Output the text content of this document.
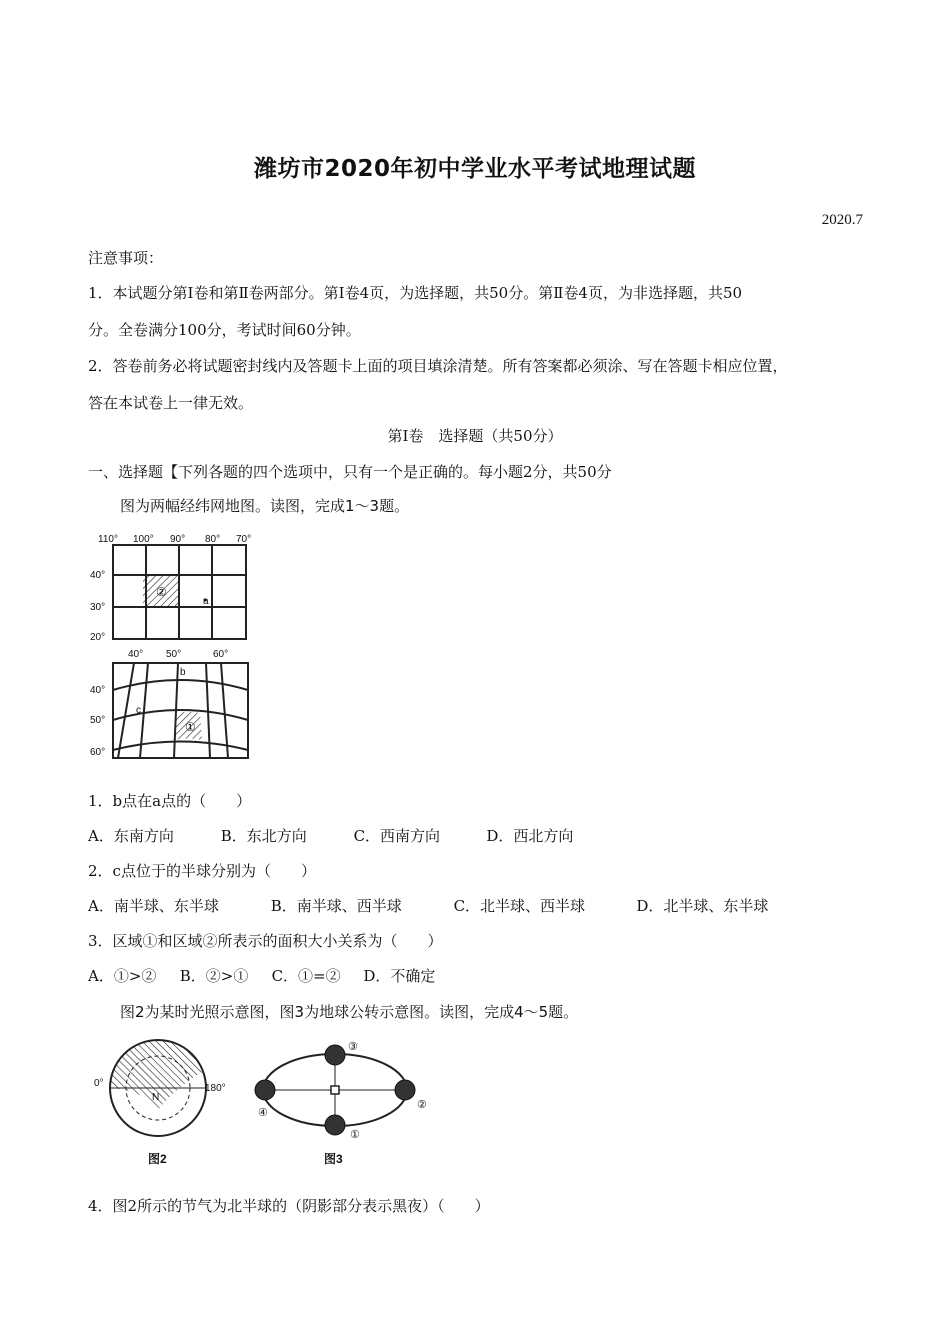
潍坊市2020年初中学业水平考试地理试题
2020.7
注意事项：
1．本试题分第Ⅰ卷和第Ⅱ卷两部分。第Ⅰ卷4页，为选择题，共50分。第Ⅱ卷4页，为非选择题，共50
分。全卷满分100分，考试时间60分钟。
2．答卷前务必将试题密封线内及答题卡上面的项目填涂清楚。所有答案都必须涂、写在答题卡相应位置，
答在本试卷上一律无效。
第Ⅰ卷　选择题（共50分）
一、选择题【下列各题的四个选项中，只有一个是正确的。每小题2分，共50分
图为两幅经纬网地图。读图，完成1～3题。
110° 100° 90° 80° 70°
40°
30°
20°
②
a
40° 50°	60°
40°
50°
60°
b
c
①
1．b点在a点的（　　）
A．东南方向	B．东北方向	C．西南方向	D．西北方向
2．c点位于的半球分别为（　　）
A．南半球、东半球	B．南半球、西半球	C．北半球、西半球	D．北半球、东半球
3．区域①和区域②所表示的面积大小关系为（　　）
A．①>② B．②>① C．①=② D．不确定
图2为某时光照示意图，图3为地球公转示意图。读图，完成4～5题。
0°	180°
N
图2
①
②
③
④
图3
4．图2所示的节气为北半球的（阴影部分表示黑夜）（　　）
